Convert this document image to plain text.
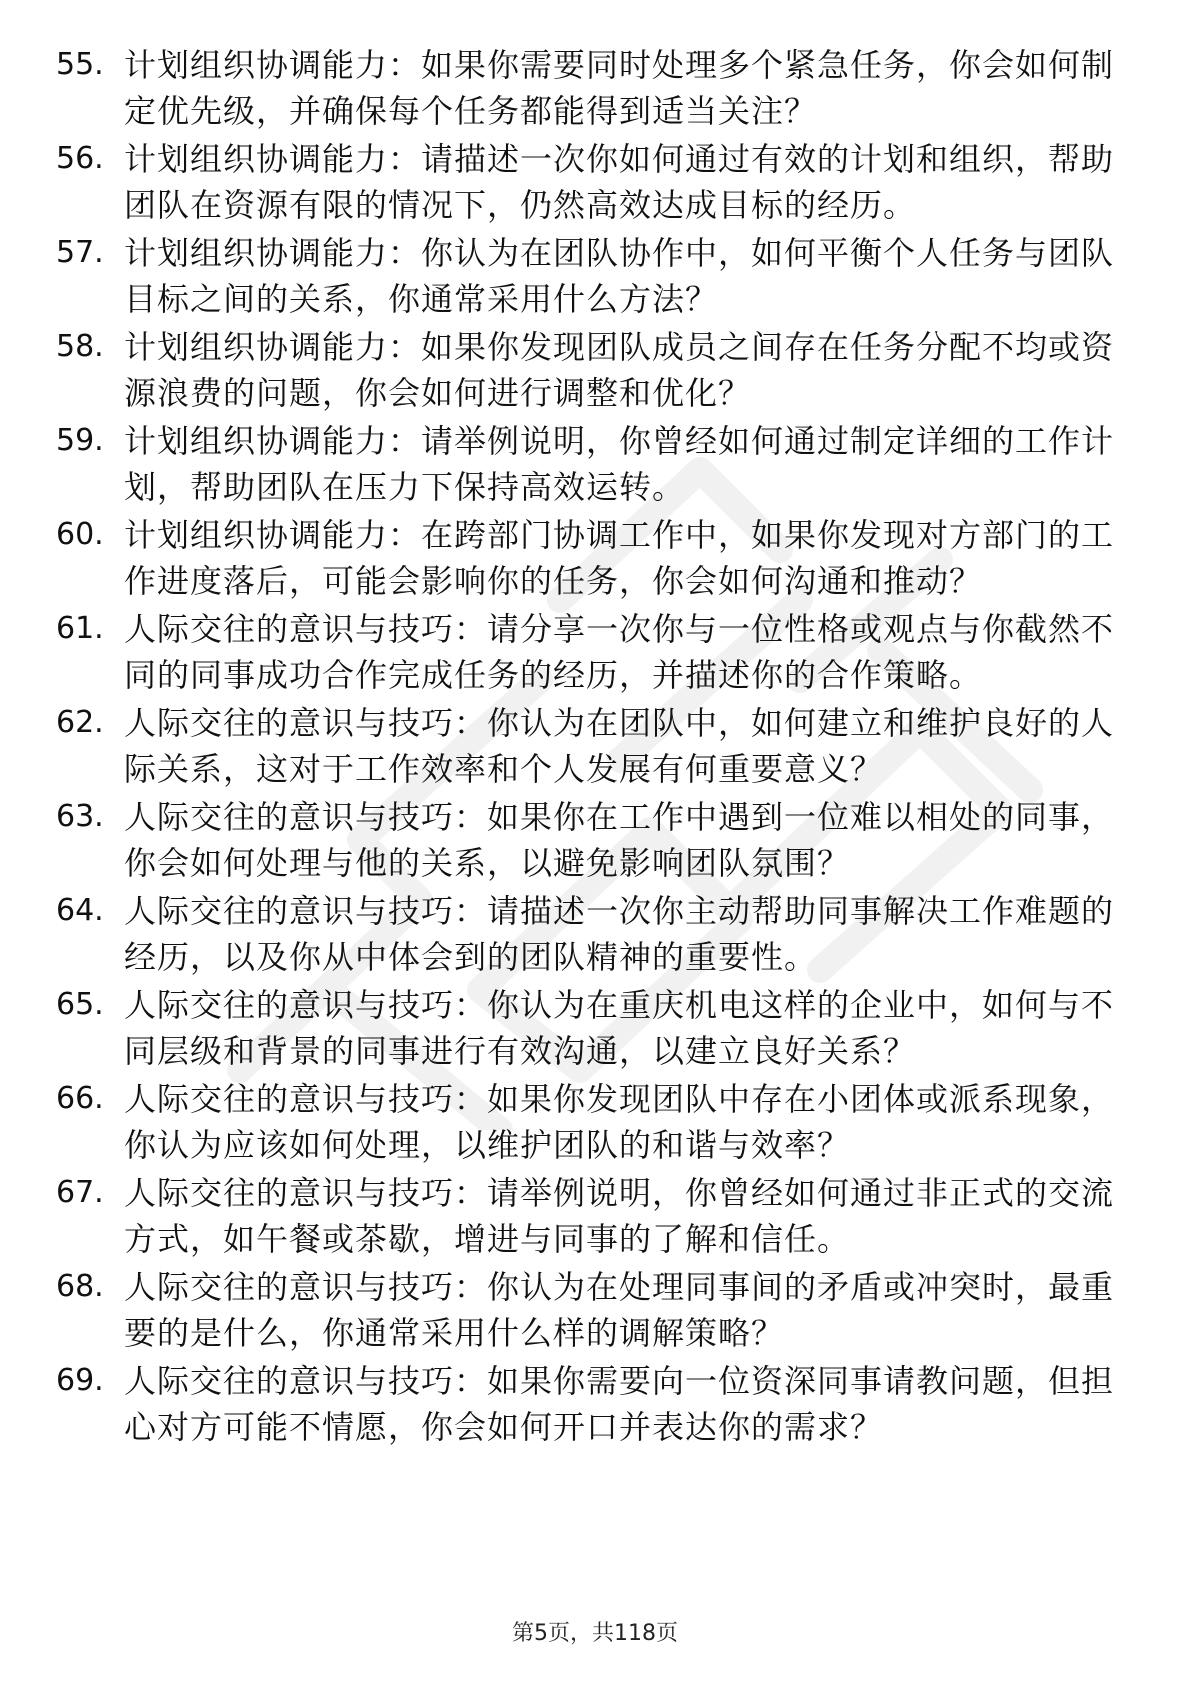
55. 计划组织协调能力：如果你需要同时处理多个紧急任务，你会如何制定优先级，并确保每个任务都能得到适当关注？
56. 计划组织协调能力：请描述一次你如何通过有效的计划和组织，帮助团队在资源有限的情况下，仍然高效达成目标的经历。
57. 计划组织协调能力：你认为在团队协作中，如何平衡个人任务与团队目标之间的关系，你通常采用什么方法？
58. 计划组织协调能力：如果你发现团队成员之间存在任务分配不均或资源浪费的问题，你会如何进行调整和优化？
59. 计划组织协调能力：请举例说明，你曾经如何通过制定详细的工作计划，帮助团队在压力下保持高效运转。
60. 计划组织协调能力：在跨部门协调工作中，如果你发现对方部门的工作进度落后，可能会影响你的任务，你会如何沟通和推动？
61. 人际交往的意识与技巧：请分享一次你与一位性格或观点与你截然不同的同事成功合作完成任务的经历，并描述你的合作策略。
62. 人际交往的意识与技巧：你认为在团队中，如何建立和维护良好的人际关系，这对于工作效率和个人发展有何重要意义？
63. 人际交往的意识与技巧：如果你在工作中遇到一位难以相处的同事，你会如何处理与他的关系，以避免影响团队氛围？
64. 人际交往的意识与技巧：请描述一次你主动帮助同事解决工作难题的经历，以及你从中体会到的团队精神的重要性。
65. 人际交往的意识与技巧：你认为在重庆机电这样的企业中，如何与不同层级和背景的同事进行有效沟通，以建立良好关系？
66. 人际交往的意识与技巧：如果你发现团队中存在小团体或派系现象，你认为应该如何处理，以维护团队的和谐与效率？
67. 人际交往的意识与技巧：请举例说明，你曾经如何通过非正式的交流方式，如午餐或茶歇，增进与同事的了解和信任。
68. 人际交往的意识与技巧：你认为在处理同事间的矛盾或冲突时，最重要的是什么，你通常采用什么样的调解策略？
69. 人际交往的意识与技巧：如果你需要向一位资深同事请教问题，但担心对方可能不情愿，你会如何开口并表达你的需求？
第5页，共118页
